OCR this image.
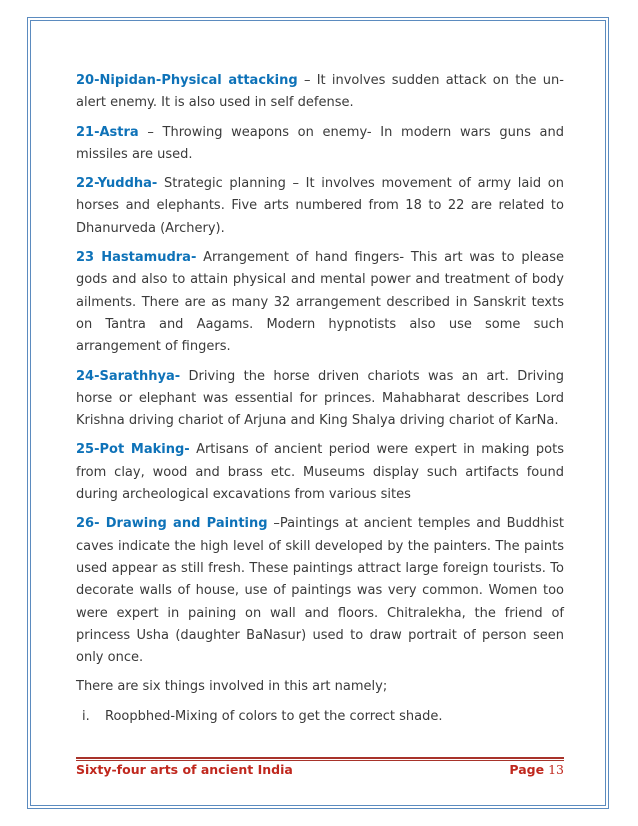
20-Nipidan-Physical attacking – It involves sudden attack on the un-alert enemy. It is also used in self defense.

21-Astra – Throwing weapons on enemy- In modern wars guns and missiles are used.

22-Yuddha- Strategic planning – It involves movement of army laid on horses and elephants. Five arts numbered from 18 to 22 are related to Dhanurveda (Archery).

23 Hastamudra- Arrangement of hand fingers- This art was to please gods and also to attain physical and mental power and treatment of body ailments. There are as many 32 arrangement described in Sanskrit texts on Tantra and Aagams. Modern hypnotists also use some such arrangement of fingers.

24-Sarathhya- Driving the horse driven chariots was an art. Driving horse or elephant was essential for princes. Mahabharat describes Lord Krishna driving chariot of Arjuna and King Shalya driving chariot of KarNa.

25-Pot Making- Artisans of ancient period were expert in making pots from clay, wood and brass etc. Museums display such artifacts found during archeological excavations from various sites

26- Drawing and Painting –Paintings at ancient temples and Buddhist caves indicate the high level of skill developed by the painters. The paints used appear as still fresh. These paintings attract large foreign tourists. To decorate walls of house, use of paintings was very common. Women too were expert in paining on wall and floors. Chitralekha, the friend of princess Usha (daughter BaNasur) used to draw portrait of person seen only once.

There are six things involved in this art namely;

i.	Roopbhed-Mixing of colors to get the correct shade.
Sixty-four arts of ancient India	Page 13
